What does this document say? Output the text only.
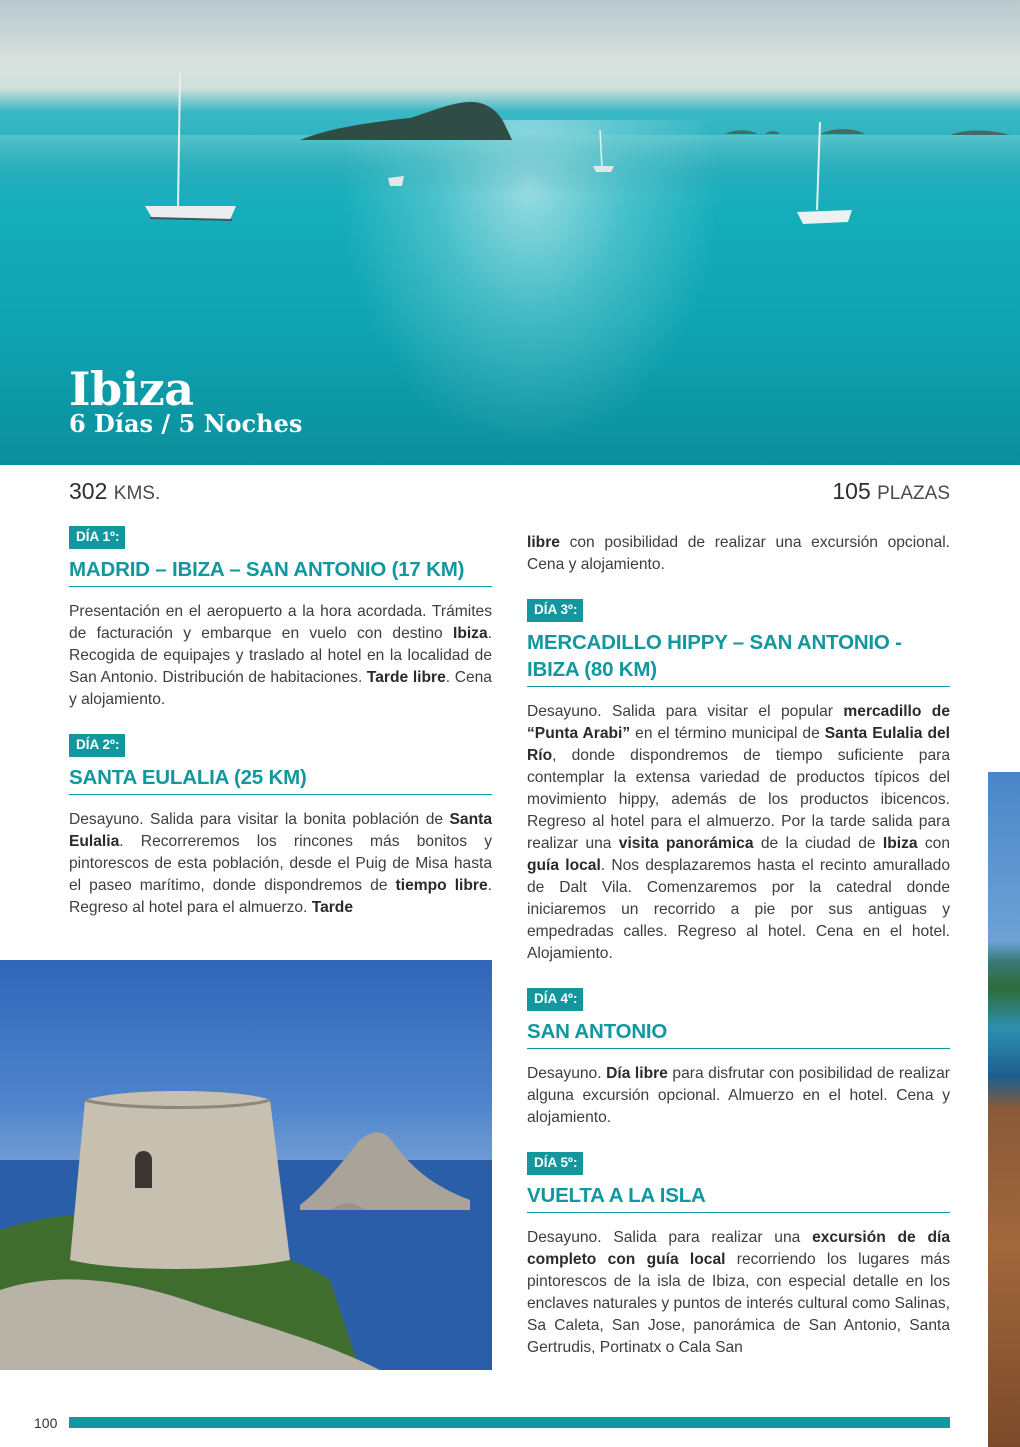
Ibiza
6 Días / 5 Noches
302 KMS.	105 PLAZAS
DÍA 1º:
MADRID – IBIZA – SAN ANTONIO (17 KM)

Presentación en el aeropuerto a la hora acordada. Trámites de facturación y embarque en vuelo con destino Ibiza. Recogida de equipajes y traslado al hotel en la localidad de San Antonio. Distribución de habitaciones. Tarde libre. Cena y alojamiento.

DÍA 2º:
SANTA EULALIA (25 KM)

Desayuno. Salida para visitar la bonita población de Santa Eulalia. Recorreremos los rincones más bonitos y pintorescos de esta población, desde el Puig de Misa hasta el paseo marítimo, donde dispondremos de tiempo libre. Regreso al hotel para el almuerzo. Tarde

libre con posibilidad de realizar una excursión opcional. Cena y alojamiento.

DÍA 3º:
MERCADILLO HIPPY – SAN ANTONIO - IBIZA (80 KM)

Desayuno. Salida para visitar el popular mercadillo de “Punta Arabi” en el término municipal de Santa Eulalia del Río, donde dispondremos de tiempo suficiente para contemplar la extensa variedad de productos típicos del movimiento hippy, además de los productos ibicencos. Regreso al hotel para el almuerzo. Por la tarde salida para realizar una visita panorámica de la ciudad de Ibiza con guía local. Nos desplazaremos hasta el recinto amurallado de Dalt Vila. Comenzaremos por la catedral donde iniciaremos un recorrido a pie por sus antiguas y empedradas calles. Regreso al hotel. Cena en el hotel. Alojamiento.

DÍA 4º:
SAN ANTONIO

Desayuno. Día libre para disfrutar con posibilidad de realizar alguna excursión opcional. Almuerzo en el hotel. Cena y alojamiento.

DÍA 5º:
VUELTA A LA ISLA

Desayuno. Salida para realizar una excursión de día completo con guía local recorriendo los lugares más pintorescos de la isla de Ibiza, con especial detalle en los enclaves naturales y puntos de interés cultural como Salinas, Sa Caleta, San Jose, panorámica de San Antonio, Santa Gertrudis, Portinatx o Cala San

100
